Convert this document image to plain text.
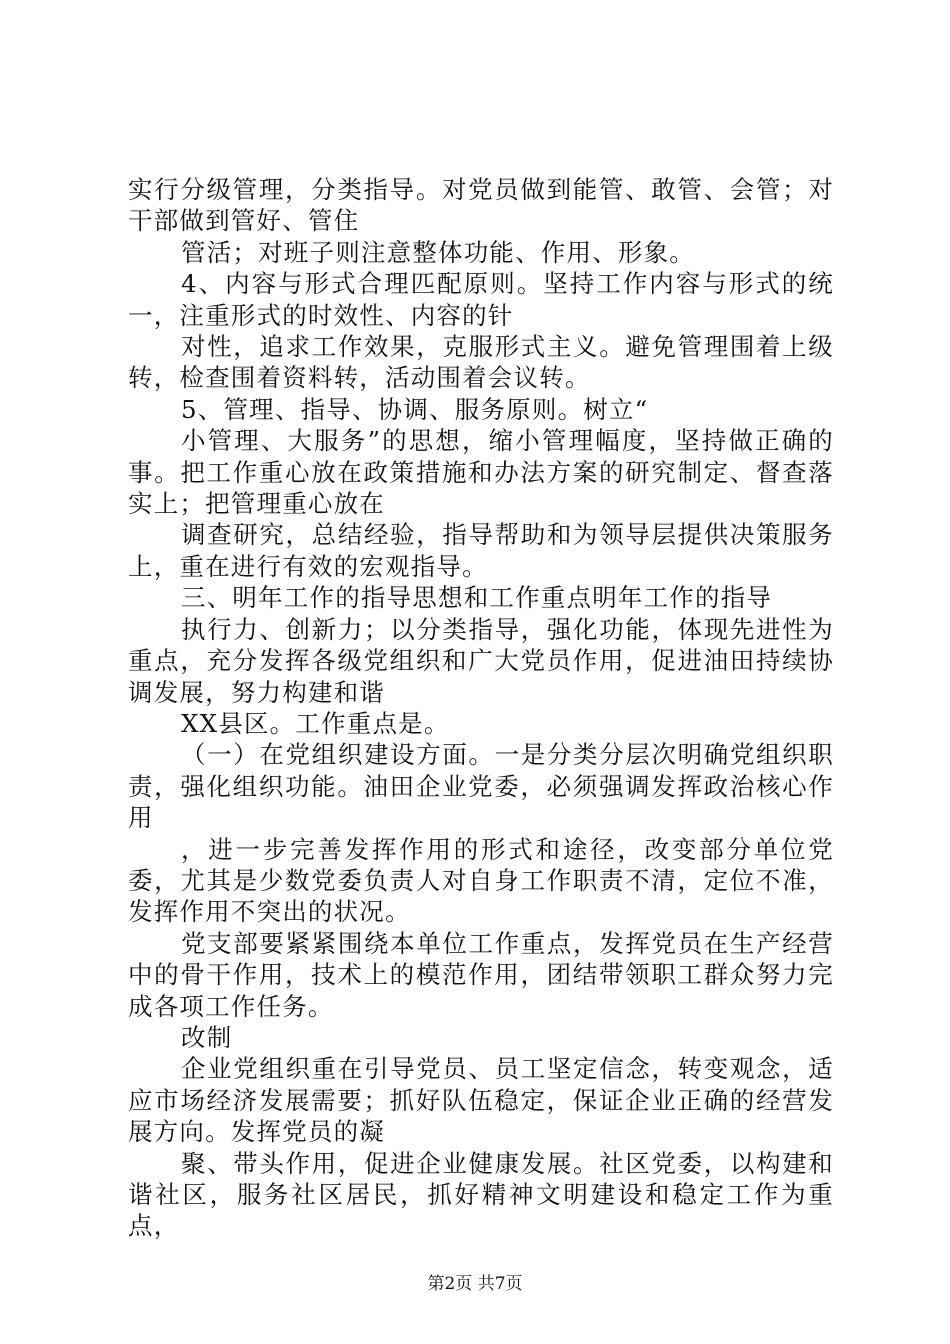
实行分级管理，分类指导。对党员做到能管、敢管、会管；对干部做到管好、管住

管活；对班子则注意整体功能、作用、形象。

4、内容与形式合理匹配原则。坚持工作内容与形式的统一，注重形式的时效性、内容的针

对性，追求工作效果，克服形式主义。避免管理围着上级转，检查围着资料转，活动围着会议转。

5、管理、指导、协调、服务原则。树立“

小管理、大服务”的思想，缩小管理幅度，坚持做正确的事。把工作重心放在政策措施和办法方案的研究制定、督查落实上；把管理重心放在

调查研究，总结经验，指导帮助和为领导层提供决策服务上，重在进行有效的宏观指导。

三、明年工作的指导思想和工作重点明年工作的指导

执行力、创新力；以分类指导，强化功能，体现先进性为重点，充分发挥各级党组织和广大党员作用，促进油田持续协调发展，努力构建和谐

XX县区。工作重点是。

（一）在党组织建设方面。一是分类分层次明确党组织职责，强化组织功能。油田企业党委，必须强调发挥政治核心作用

，进一步完善发挥作用的形式和途径，改变部分单位党委，尤其是少数党委负责人对自身工作职责不清，定位不准，发挥作用不突出的状况。

党支部要紧紧围绕本单位工作重点，发挥党员在生产经营中的骨干作用，技术上的模范作用，团结带领职工群众努力完成各项工作任务。

改制

企业党组织重在引导党员、员工坚定信念，转变观念，适应市场经济发展需要；抓好队伍稳定，保证企业正确的经营发展方向。发挥党员的凝

聚、带头作用，促进企业健康发展。社区党委，以构建和谐社区，服务社区居民，抓好精神文明建设和稳定工作为重点，

第2页 共7页
